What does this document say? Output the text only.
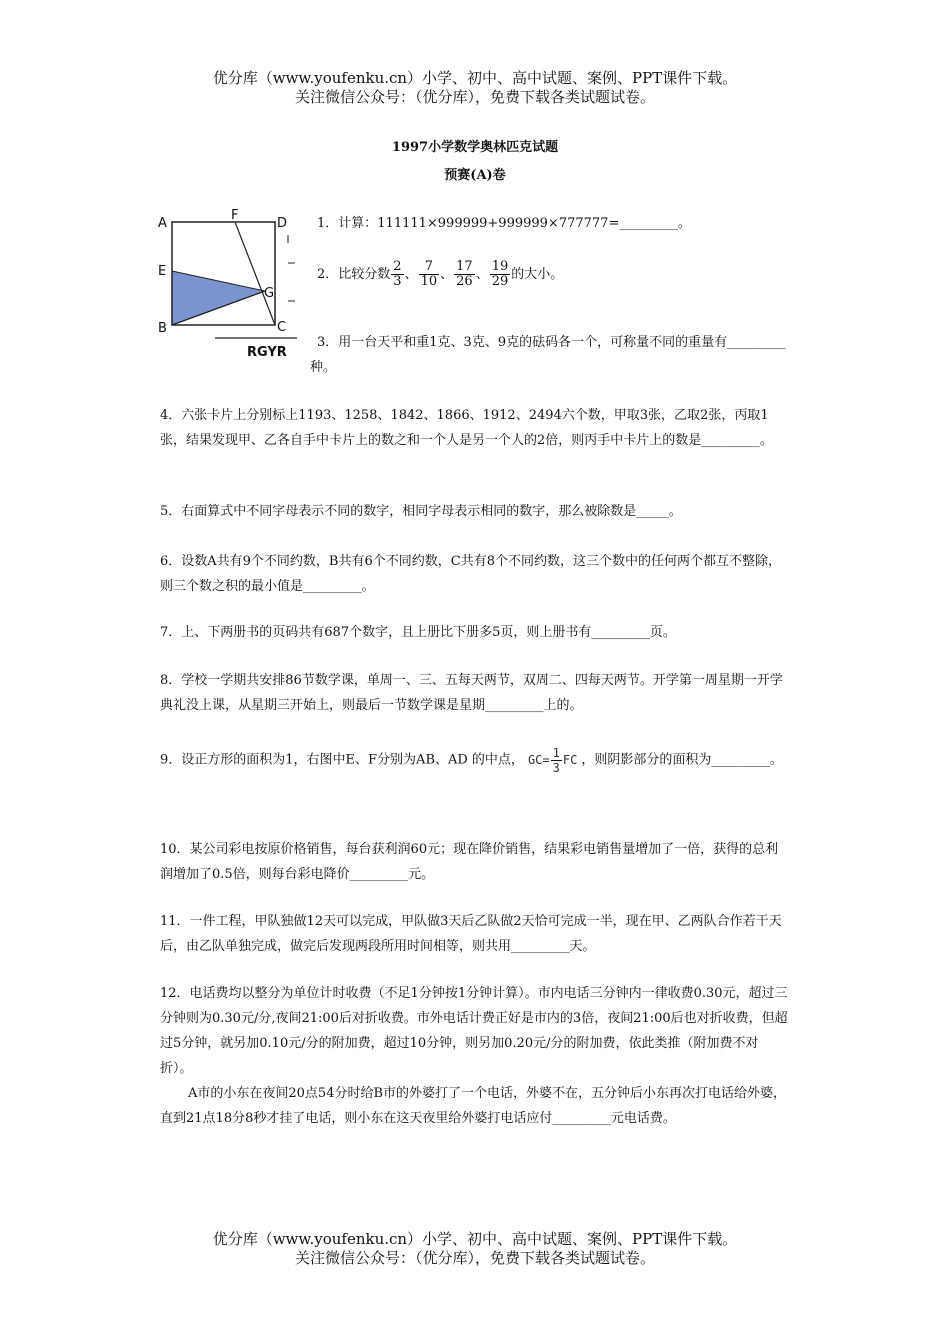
优分库（www.youfenku.cn）小学、初中、高中试题、案例、PPT课件下载。
关注微信公众号：（优分库），免费下载各类试题试卷。
1997小学数学奥林匹克试题
预赛(A)卷
A
F
D
E
G
B	C
RGYR

1．计算：111111×999999+999999×777777=_________。

2．比较分数 $\frac{2}{3}$ 、 $\frac{7}{10}$ 、 $\frac{17}{26}$ 、 $\frac{19}{29}$ 的大小。

3．用一台天平和重1克、3克、9克的砝码各一个，可称量不同的重量有_________种。

4．六张卡片上分别标上1193、1258、1842、1866、1912、2494六个数，甲取3张，乙取2张，丙取1张，结果发现甲、乙各自手中卡片上的数之和一个人是另一个人的2倍，则丙手中卡片上的数是_________。

5．右面算式中不同字母表示不同的数字，相同字母表示相同的数字，那么被除数是_____。

6．设数A共有9个不同约数，B共有6个不同约数，C共有8个不同约数，这三个数中的任何两个都互不整除，则三个数之积的最小值是_________。

7．上、下两册书的页码共有687个数字，且上册比下册多5页，则上册书有_________页。

8．学校一学期共安排86节数学课，单周一、三、五每天两节，双周二、四每天两节。开学第一周星期一开学典礼没上课，从星期三开始上，则最后一节数学课是星期_________上的。

9．设正方形的面积为1，右图中E、F分别为AB、AD 的中点， $GC= \frac{1}{3}$ FC ，则阴影部分的面积为_________。

10．某公司彩电按原价格销售，每台获利润60元；现在降价销售，结果彩电销售量增加了一倍，获得的总利润增加了0.5倍，则每台彩电降价_________元。

11．一件工程，甲队独做12天可以完成，甲队做3天后乙队做2天恰可完成一半，现在甲、乙两队合作若干天后，由乙队单独完成，做完后发现两段所用时间相等，则共用_________天。

12．电话费均以整分为单位计时收费（不足1分钟按1分钟计算）。市内电话三分钟内一律收费0.30元，超过三分钟则为0.30元/分,夜间21:00后对折收费。市外电话计费正好是市内的3倍，夜间21:00后也对折收费，但超过5分钟，就另加0.10元/分的附加费，超过10分钟，则另加0.20元/分的附加费，依此类推（附加费不对折）。

A市的小东在夜间20点54分时给B市的外婆打了一个电话，外婆不在，五分钟后小东再次打电话给外婆，直到21点18分8秒才挂了电话，则小东在这天夜里给外婆打电话应付_________元电话费。

优分库（www.youfenku.cn）小学、初中、高中试题、案例、PPT课件下载。
关注微信公众号：（优分库），免费下载各类试题试卷。
